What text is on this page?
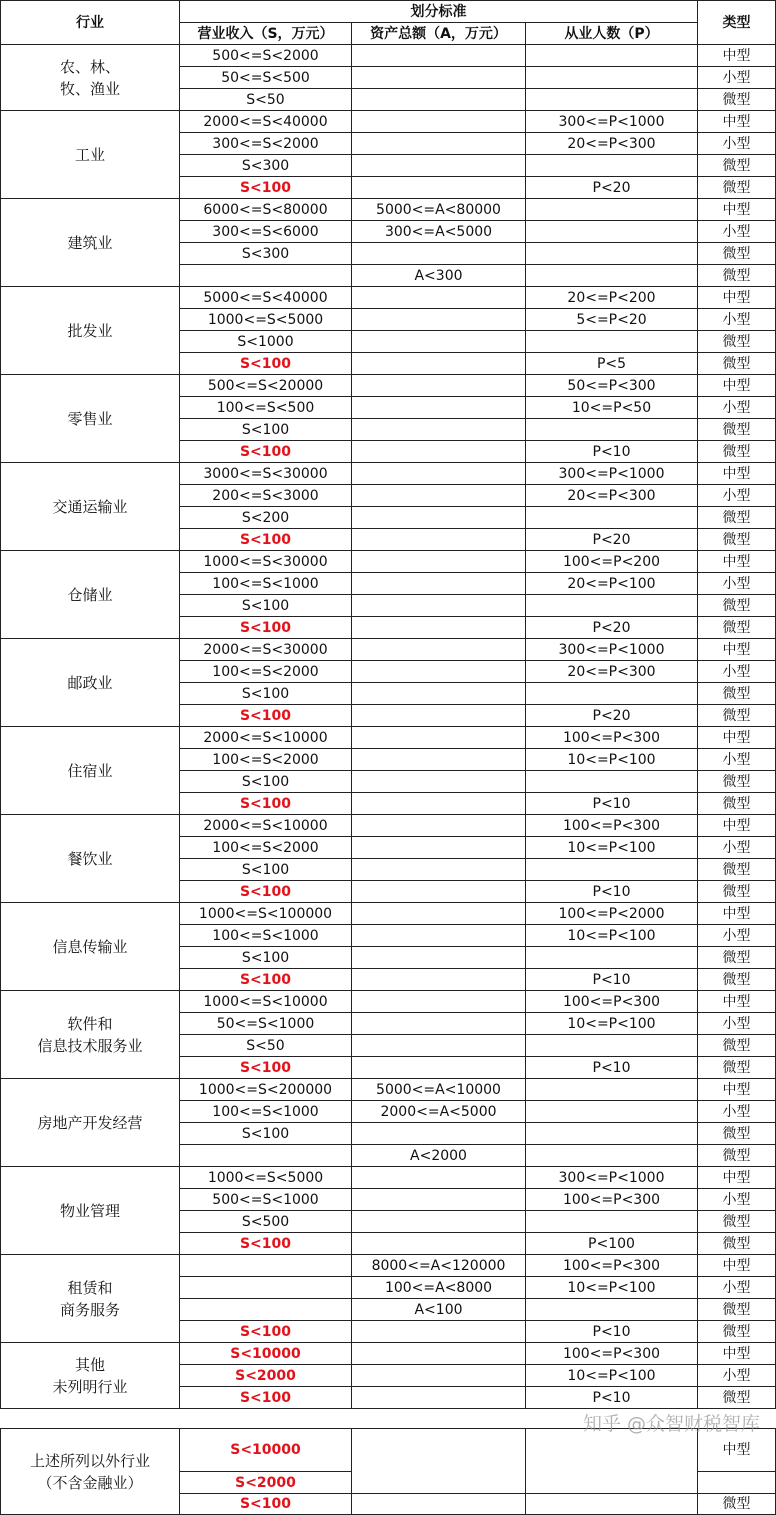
行业	划分标准			类型
	营业收入（S，万元）	资产总额（A，万元）	从业人数（P）	
农、林、
牧、渔业	500<=S<2000			中型
	50<=S<500			小型
	S<50			微型
工业	2000<=S<40000		300<=P<1000	中型
	300<=S<2000		20<=P<300	小型
	S<300			微型
	S<100		P<20	微型
建筑业	6000<=S<80000	5000<=A<80000		中型
	300<=S<6000	300<=A<5000		小型
	S<300			微型
		A<300		微型
批发业	5000<=S<40000		20<=P<200	中型
	1000<=S<5000		5<=P<20	小型
	S<1000			微型
	S<100		P<5	微型
零售业	500<=S<20000		50<=P<300	中型
	100<=S<500		10<=P<50	小型
	S<100			微型
	S<100		P<10	微型
交通运输业	3000<=S<30000		300<=P<1000	中型
	200<=S<3000		20<=P<300	小型
	S<200			微型
	S<100		P<20	微型
仓储业	1000<=S<30000		100<=P<200	中型
	100<=S<1000		20<=P<100	小型
	S<100			微型
	S<100		P<20	微型
邮政业	2000<=S<30000		300<=P<1000	中型
	100<=S<2000		20<=P<300	小型
	S<100			微型
	S<100		P<20	微型
住宿业	2000<=S<10000		100<=P<300	中型
	100<=S<2000		10<=P<100	小型
	S<100			微型
	S<100		P<10	微型
餐饮业	2000<=S<10000		100<=P<300	中型
	100<=S<2000		10<=P<100	小型
	S<100			微型
	S<100		P<10	微型
信息传输业	1000<=S<100000		100<=P<2000	中型
	100<=S<1000		10<=P<100	小型
	S<100			微型
	S<100		P<10	微型
软件和
信息技术服务业	1000<=S<10000		100<=P<300	中型
	50<=S<1000		10<=P<100	小型
	S<50			微型
	S<100		P<10	微型
房地产开发经营	1000<=S<200000	5000<=A<10000		中型
	100<=S<1000	2000<=A<5000		小型
	S<100			微型
		A<2000		微型
物业管理	1000<=S<5000		300<=P<1000	中型
	500<=S<1000		100<=P<300	小型
	S<500			微型
	S<100		P<100	微型
租赁和
商务服务		8000<=A<120000	100<=P<300	中型
		100<=A<8000	10<=P<100	小型
		A<100		微型
	S<100		P<10	微型
其他
未列明行业	S<10000		100<=P<300	中型
	S<2000		10<=P<100	小型
	S<100		P<10	微型

上述所列以外行业
（不含金融业）	S<10000			中型
	S<2000			
	S<100			微型
知乎 @众智财税智库
